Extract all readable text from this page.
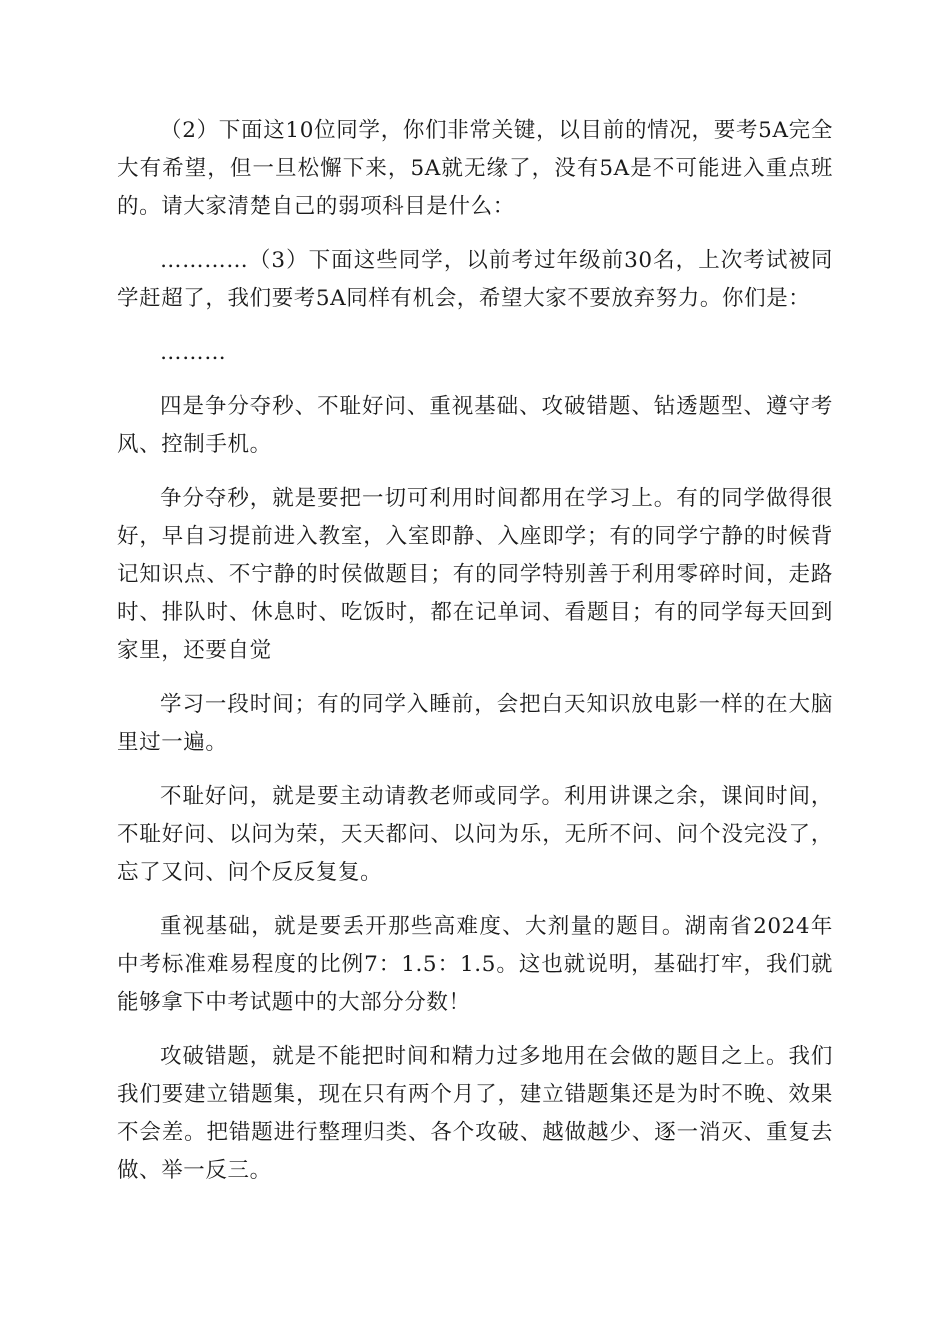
（2）下面这10位同学，你们非常关键，以目前的情况，要考5A完全大有希望，但一旦松懈下来，5A就无缘了，没有5A是不可能进入重点班的。请大家清楚自己的弱项科目是什么：

…………（3）下面这些同学，以前考过年级前30名，上次考试被同学赶超了，我们要考5A同样有机会，希望大家不要放弃努力。你们是：

………

四是争分夺秒、不耻好问、重视基础、攻破错题、钻透题型、遵守考风、控制手机。

争分夺秒，就是要把一切可利用时间都用在学习上。有的同学做得很好，早自习提前进入教室，入室即静、入座即学；有的同学宁静的时候背记知识点、不宁静的时侯做题目；有的同学特别善于利用零碎时间，走路时、排队时、休息时、吃饭时，都在记单词、看题目；有的同学每天回到家里，还要自觉

学习一段时间；有的同学入睡前，会把白天知识放电影一样的在大脑里过一遍。

不耻好问，就是要主动请教老师或同学。利用讲课之余，课间时间，不耻好问、以问为荣，天天都问、以问为乐，无所不问、问个没完没了，忘了又问、问个反反复复。

重视基础，就是要丢开那些高难度、大剂量的题目。湖南省2024年中考标准难易程度的比例7：1.5：1.5。这也就说明，基础打牢，我们就能够拿下中考试题中的大部分分数！

攻破错题，就是不能把时间和精力过多地用在会做的题目之上。我们我们要建立错题集，现在只有两个月了，建立错题集还是为时不晚、效果不会差。把错题进行整理归类、各个攻破、越做越少、逐一消灭、重复去做、举一反三。
